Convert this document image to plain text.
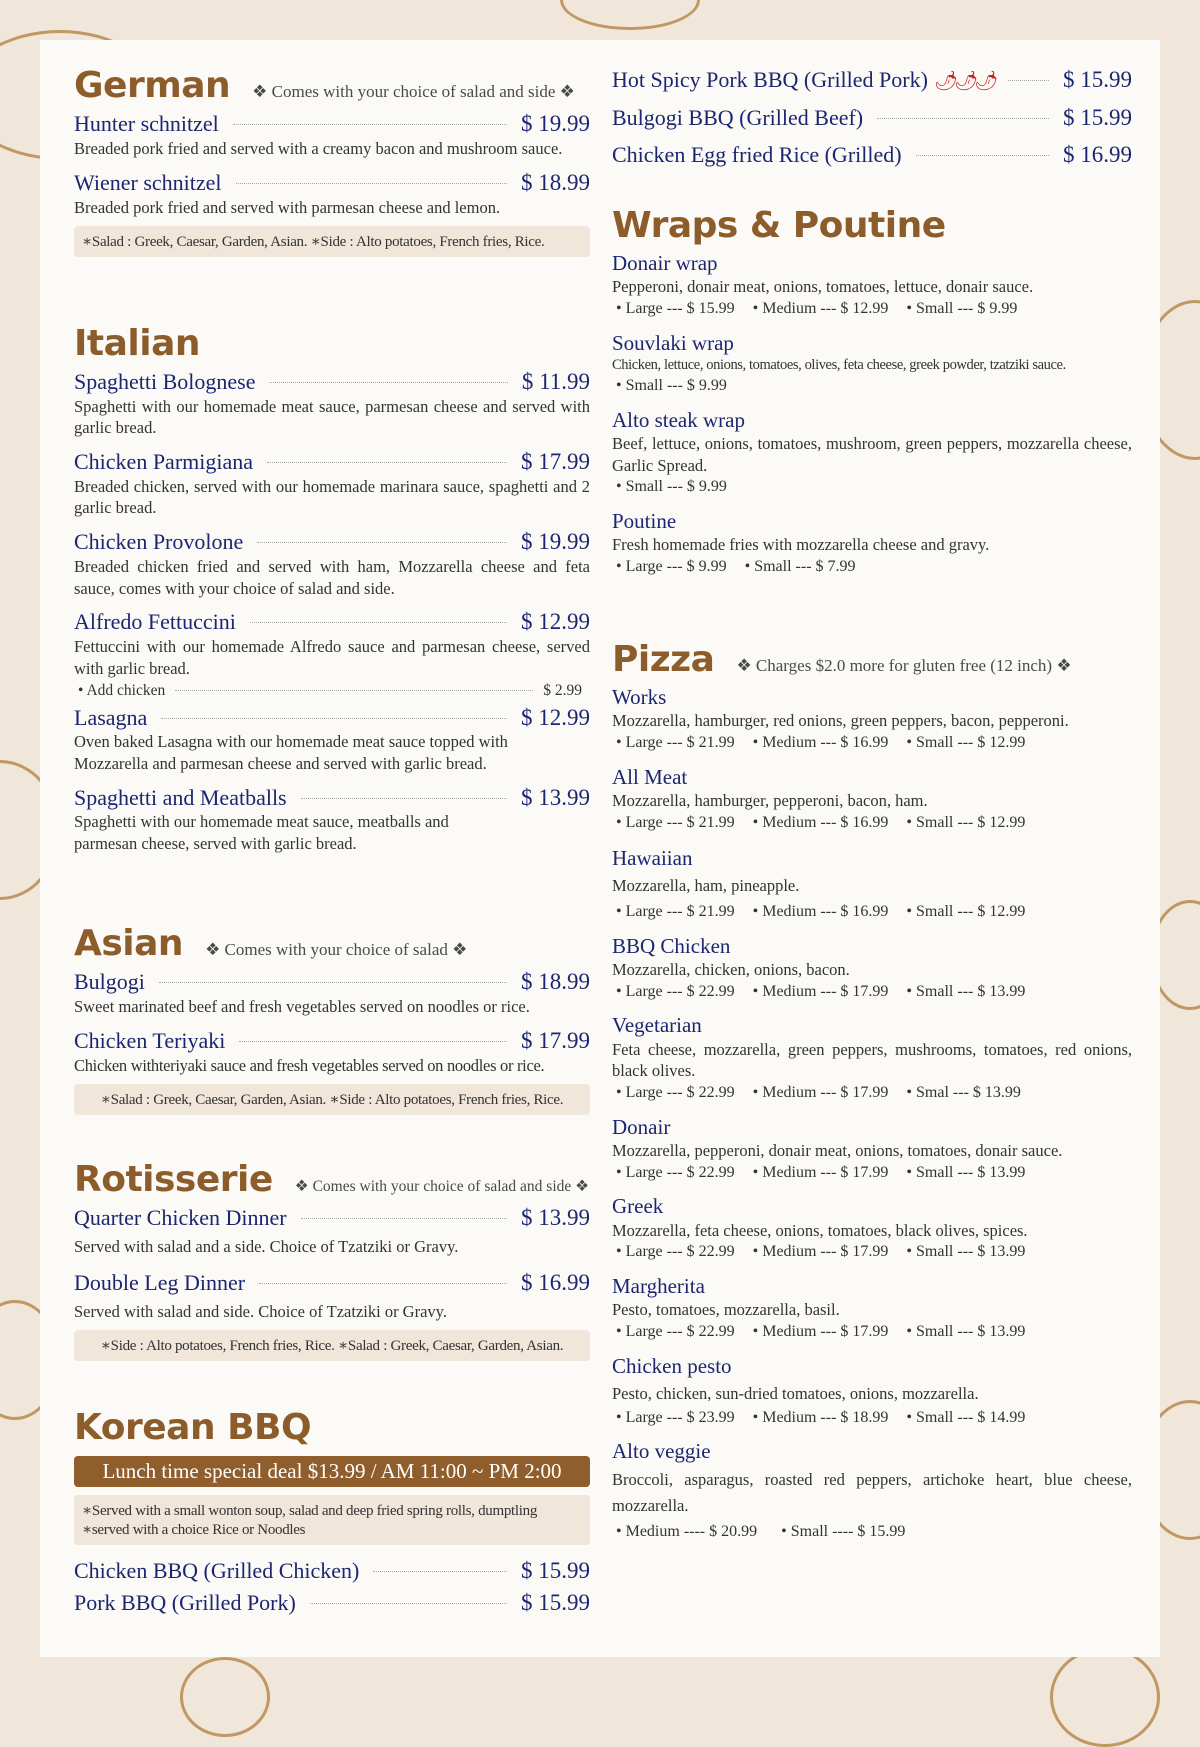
German ❖ Comes with your choice of salad and side ❖
Hunter schnitzel	$ 19.99
Breaded pork fried and served with a creamy bacon and mushroom sauce.
Wiener schnitzel	$ 18.99
Breaded pork fried and served with parmesan cheese and lemon.
∗Salad : Greek, Caesar, Garden, Asian. ∗Side : Alto potatoes, French fries, Rice.
Italian
Spaghetti Bolognese	$ 11.99
Spaghetti with our homemade meat sauce, parmesan cheese and served with garlic bread.
Chicken Parmigiana	$ 17.99
Breaded chicken, served with our homemade marinara sauce, spaghetti and 2 garlic bread.
Chicken Provolone	$ 19.99
Breaded chicken fried and served with ham, Mozzarella cheese and feta sauce, comes with your choice of salad and side.
Alfredo Fettuccini	$ 12.99
Fettuccini with our homemade Alfredo sauce and parmesan cheese, served with garlic bread.
• Add chicken	$ 2.99
Lasagna	$ 12.99
Oven baked Lasagna with our homemade meat sauce topped with Mozzarella and parmesan cheese and served with garlic bread.
Spaghetti and Meatballs	$ 13.99
Spaghetti with our homemade meat sauce, meatballs and parmesan cheese, served with garlic bread.
Asian ❖ Comes with your choice of salad ❖
Bulgogi	$ 18.99
Sweet marinated beef and fresh vegetables served on noodles or rice.
Chicken Teriyaki	$ 17.99
Chicken withteriyaki sauce and fresh vegetables served on noodles or rice.
∗Salad : Greek, Caesar, Garden, Asian. ∗Side : Alto potatoes, French fries, Rice.
Rotisserie ❖ Comes with your choice of salad and side ❖
Quarter Chicken Dinner	$ 13.99
Served with salad and a side. Choice of Tzatziki or Gravy.
Double Leg Dinner	$ 16.99
Served with salad and side. Choice of Tzatziki or Gravy.
∗Side : Alto potatoes, French fries, Rice. ∗Salad : Greek, Caesar, Garden, Asian.
Korean BBQ
Lunch time special deal $13.99 / AM 11:00 ~ PM 2:00
∗Served with a small wonton soup, salad and deep fried spring rolls, dumptling
∗served with a choice Rice or Noodles
Chicken BBQ (Grilled Chicken)	$ 15.99
Pork BBQ (Grilled Pork)	$ 15.99
Hot Spicy Pork BBQ (Grilled Pork) 🌶🌶🌶	$ 15.99
Bulgogi BBQ (Grilled Beef)	$ 15.99
Chicken Egg fried Rice (Grilled)	$ 16.99
Wraps & Poutine
Donair wrap
Pepperoni, donair meat, onions, tomatoes, lettuce, donair sauce.
• Large --- $ 15.99 • Medium --- $ 12.99 • Small --- $ 9.99
Souvlaki wrap
Chicken, lettuce, onions, tomatoes, olives, feta cheese, greek powder, tzatziki sauce.
• Small --- $ 9.99
Alto steak wrap
Beef, lettuce, onions, tomatoes, mushroom, green peppers, mozzarella cheese, Garlic Spread.
• Small --- $ 9.99
Poutine
Fresh homemade fries with mozzarella cheese and gravy.
• Large --- $ 9.99 • Small --- $ 7.99
Pizza ❖ Charges $2.0 more for gluten free (12 inch) ❖
Works
Mozzarella, hamburger, red onions, green peppers, bacon, pepperoni.
• Large --- $ 21.99 • Medium --- $ 16.99 • Small --- $ 12.99
All Meat
Mozzarella, hamburger, pepperoni, bacon, ham.
• Large --- $ 21.99 • Medium --- $ 16.99 • Small --- $ 12.99
Hawaiian
Mozzarella, ham, pineapple.
• Large --- $ 21.99 • Medium --- $ 16.99 • Small --- $ 12.99
BBQ Chicken
Mozzarella, chicken, onions, bacon.
• Large --- $ 22.99 • Medium --- $ 17.99 • Small --- $ 13.99
Vegetarian
Feta cheese, mozzarella, green peppers, mushrooms, tomatoes, red onions, black olives.
• Large --- $ 22.99 • Medium --- $ 17.99 • Smal --- $ 13.99
Donair
Mozzarella, pepperoni, donair meat, onions, tomatoes, donair sauce.
• Large --- $ 22.99 • Medium --- $ 17.99 • Small --- $ 13.99
Greek
Mozzarella, feta cheese, onions, tomatoes, black olives, spices.
• Large --- $ 22.99 • Medium --- $ 17.99 • Small --- $ 13.99
Margherita
Pesto, tomatoes, mozzarella, basil.
• Large --- $ 22.99 • Medium --- $ 17.99 • Small --- $ 13.99
Chicken pesto
Pesto, chicken, sun-dried tomatoes, onions, mozzarella.
• Large --- $ 23.99 • Medium --- $ 18.99 • Small --- $ 14.99
Alto veggie
Broccoli, asparagus, roasted red peppers, artichoke heart, blue cheese, mozzarella.
• Medium ---- $ 20.99 • Small ---- $ 15.99
